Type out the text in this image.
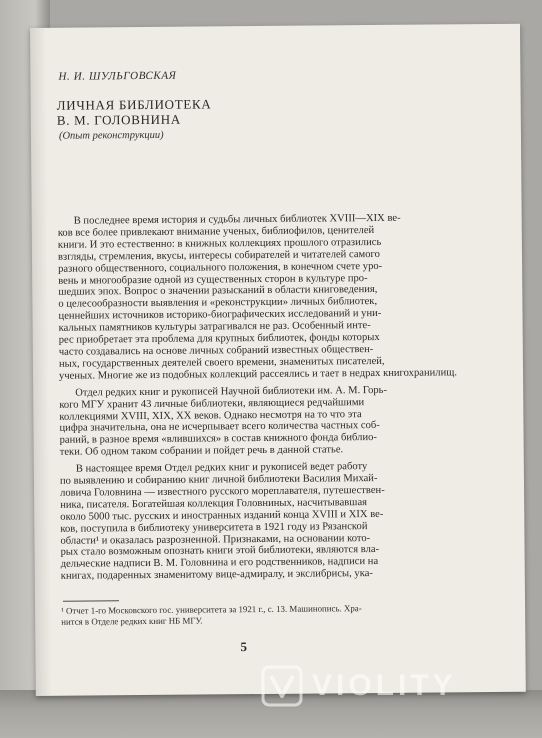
Н. И. ШУЛЬГОВСКАЯ
ЛИЧНАЯ БИБЛИОТЕКА
В. М. ГОЛОВНИНА
(Опыт реконструкции)

В последнее время история и судьбы личных библиотек XVIII—XIX ве-

ков все более привлекают внимание ученых, библиофилов, ценителей

книги. И это естественно: в книжных коллекциях прошлого отразились

взгляды, стремления, вкусы, интересы собирателей и читателей самого

разного общественного, социального положения, в конечном счете уро-

вень и многообразие одной из существенных сторон в культуре про-

шедших эпох. Вопрос о значении разысканий в области книговедения,

о целесообразности выявления и «реконструкции» личных библиотек,

ценнейших источников историко-биографических исследований и уни-

кальных памятников культуры затрагивался не раз. Особенный инте-

рес приобретает эта проблема для крупных библиотек, фонды которых

часто создавались на основе личных собраний известных обществен-

ных, государственных деятелей своего времени, знаменитых писателей,

ученых. Многие же из подобных коллекций рассеялись и тает в недрах книгохранилищ.

Отдел редких книг и рукописей Научной библиотеки им. А. М. Горь-

кого МГУ хранит 43 личные библиотеки, являющиеся редчайшими

коллекциями XVIII, XIX, XX веков. Однако несмотря на то что эта

цифра значительна, она не исчерпывает всего количества частных соб-

раний, в разное время «влившихся» в состав книжного фонда библио-

теки. Об одном таком собрании и пойдет речь в данной статье.

В настоящее время Отдел редких книг и рукописей ведет работу

по выявлению и собиранию книг личной библиотеки Василия Михай-

ловича Головнина — известного русского мореплавателя, путешествен-

ника, писателя. Богатейшая коллекция Головниных, насчитывавшая

около 5000 тыс. русских и иностранных изданий конца XVIII и XIX ве-

ков, поступила в библиотеку университета в 1921 году из Рязанской

области¹ и оказалась разрозненной. Признаками, на основании кото-

рых стало возможным опознать книги этой библиотеки, являются вла-

дельческие надписи В. М. Головнина и его родственников, надписи на

книгах, подаренных знаменитому вице-адмиралу, и экслибрисы, ука-

¹ Отчет 1-го Московского гос. университета за 1921 г., с. 13. Машинопись. Хра-

нится в Отделе редких книг НБ МГУ.

5
VIOLITY
